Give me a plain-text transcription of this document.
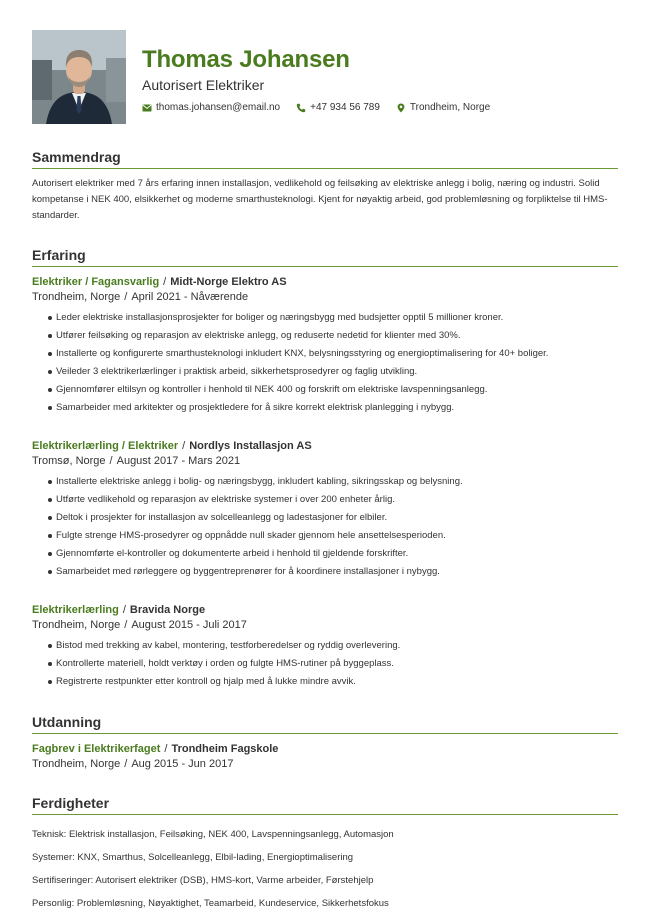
Thomas Johansen
Autorisert Elektriker
thomas.johansen@email.no	+47 934 56 789	Trondheim, Norge
Sammendrag

Autorisert elektriker med 7 års erfaring innen installasjon, vedlikehold og feilsøking av elektriske anlegg i bolig, næring og industri. Solid kompetanse i NEK 400, elsikkerhet og moderne smarthusteknologi. Kjent for nøyaktig arbeid, god problemløsning og forpliktelse til HMS-standarder.

Erfaring
Elektriker / Fagansvarlig / Midt-Norge Elektro AS
Trondheim, Norge / April 2021 - Nåværende
Leder elektriske installasjonsprosjekter for boliger og næringsbygg med budsjetter opptil 5 millioner kroner.
Utfører feilsøking og reparasjon av elektriske anlegg, og reduserte nedetid for klienter med 30%.
Installerte og konfigurerte smarthusteknologi inkludert KNX, belysningsstyring og energioptimalisering for 40+ boliger.
Veileder 3 elektrikerlærlinger i praktisk arbeid, sikkerhetsprosedyrer og faglig utvikling.
Gjennomfører eltilsyn og kontroller i henhold til NEK 400 og forskrift om elektriske lavspenningsanlegg.
Samarbeider med arkitekter og prosjektledere for å sikre korrekt elektrisk planlegging i nybygg.
Elektrikerlærling / Elektriker / Nordlys Installasjon AS
Tromsø, Norge / August 2017 - Mars 2021
Installerte elektriske anlegg i bolig- og næringsbygg, inkludert kabling, sikringsskap og belysning.
Utførte vedlikehold og reparasjon av elektriske systemer i over 200 enheter årlig.
Deltok i prosjekter for installasjon av solcelleanlegg og ladestasjoner for elbiler.
Fulgte strenge HMS-prosedyrer og oppnådde null skader gjennom hele ansettelsesperioden.
Gjennomførte el-kontroller og dokumenterte arbeid i henhold til gjeldende forskrifter.
Samarbeidet med rørleggere og byggentreprenører for å koordinere installasjoner i nybygg.
Elektrikerlærling / Bravida Norge
Trondheim, Norge / August 2015 - Juli 2017
Bistod med trekking av kabel, montering, testforberedelser og ryddig overlevering.
Kontrollerte materiell, holdt verktøy i orden og fulgte HMS-rutiner på byggeplass.
Registrerte restpunkter etter kontroll og hjalp med å lukke mindre avvik.
Utdanning
Fagbrev i Elektrikerfaget / Trondheim Fagskole
Trondheim, Norge / Aug 2015 - Jun 2017
Ferdigheter

Teknisk: Elektrisk installasjon, Feilsøking, NEK 400, Lavspenningsanlegg, Automasjon

Systemer: KNX, Smarthus, Solcelleanlegg, Elbil-lading, Energioptimalisering

Sertifiseringer: Autorisert elektriker (DSB), HMS-kort, Varme arbeider, Førstehjelp

Personlig: Problemløsning, Nøyaktighet, Teamarbeid, Kundeservice, Sikkerhetsfokus
